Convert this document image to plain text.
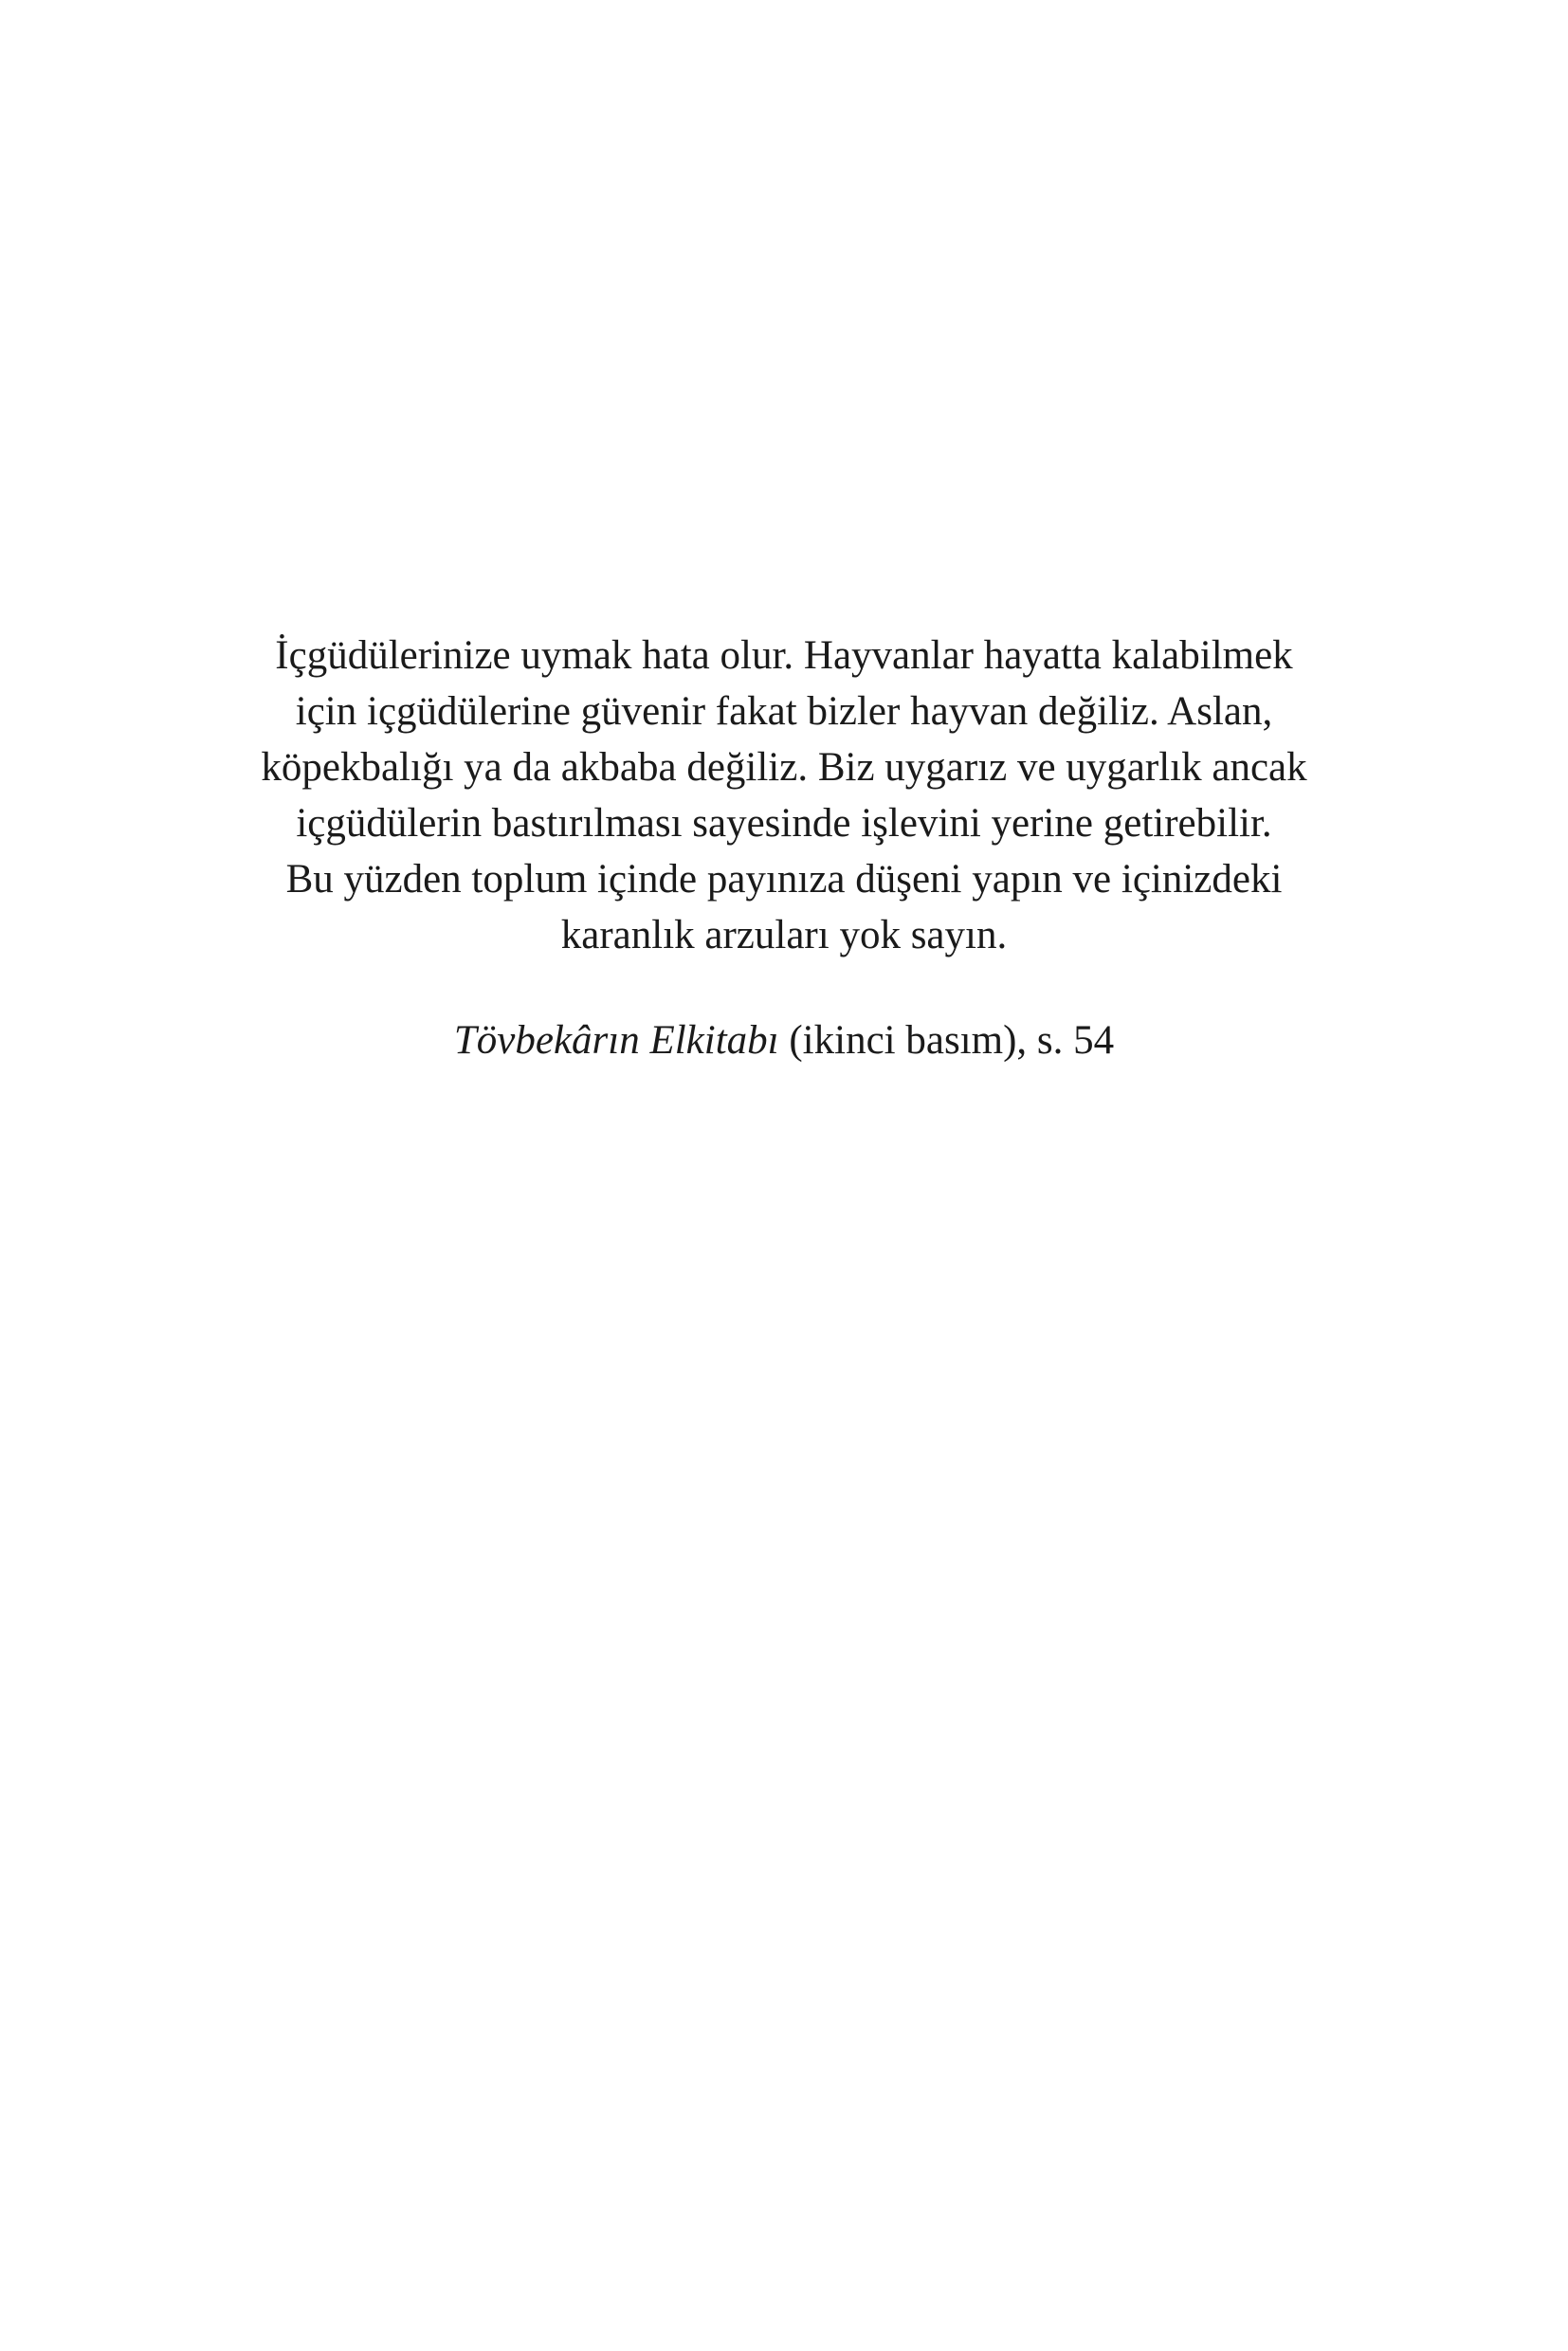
İçgüdülerinize uymak hata olur. Hayvanlar hayatta kalabilmek
için içgüdülerine güvenir fakat bizler hayvan değiliz. Aslan,
köpekbalığı ya da akbaba değiliz. Biz uygarız ve uygarlık ancak
içgüdülerin bastırılması sayesinde işlevini yerine getirebilir.
Bu yüzden toplum içinde payınıza düşeni yapın ve içinizdeki
karanlık arzuları yok sayın.
Tövbekârın Elkitabı (ikinci basım), s. 54
